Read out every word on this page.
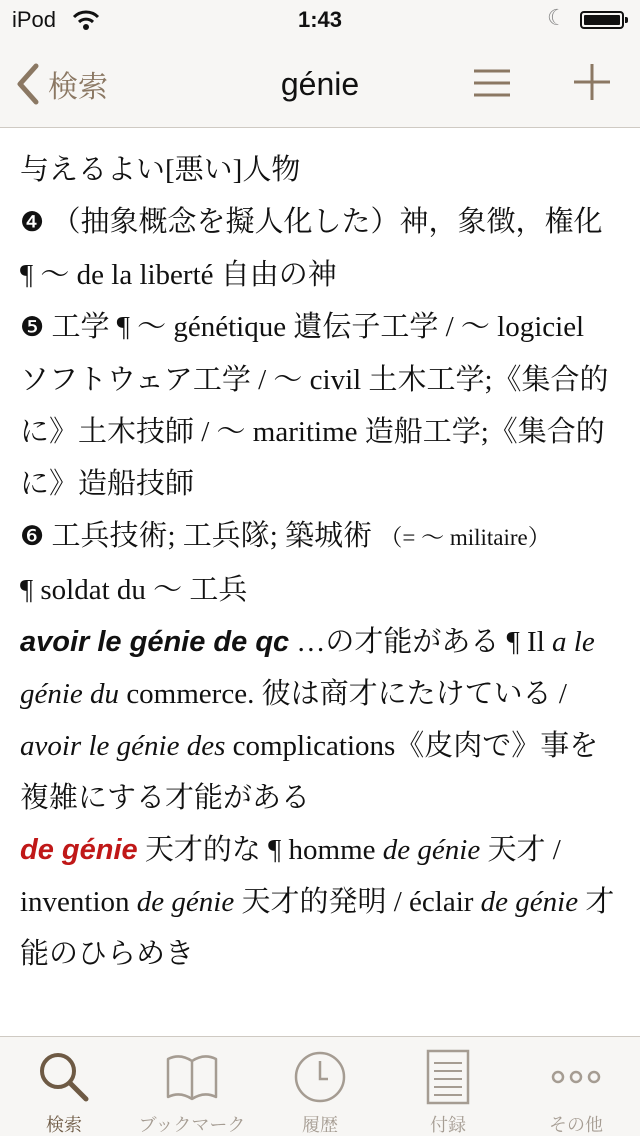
iPod	1:43	☾
検索	génie

与えるよい[悪い]人物

❹ （抽象概念を擬人化した）神，象徴，権化
¶ ～ de la liberté 自由の神

❺ 工学 ¶ ～ génétique 遺伝子工学 / ～ logiciel ソフトウェア工学 / ～ civil 土木工学;《集合的に》土木技師 / ～ maritime 造船工学;《集合的に》造船技師

❻ 工兵技術; 工兵隊; 築城術 （= ～ militaire）
¶ soldat du ～ 工兵

avoir le génie de qc …の才能がある ¶ Il a le génie du commerce. 彼は商才にたけている / avoir le génie des complications《皮肉で》事を複雑にする才能がある

de génie 天才的な ¶ homme de génie 天才 / invention de génie 天才的発明 / éclair de génie 才能のひらめき

検索	ブックマーク	履歴	付録	その他
